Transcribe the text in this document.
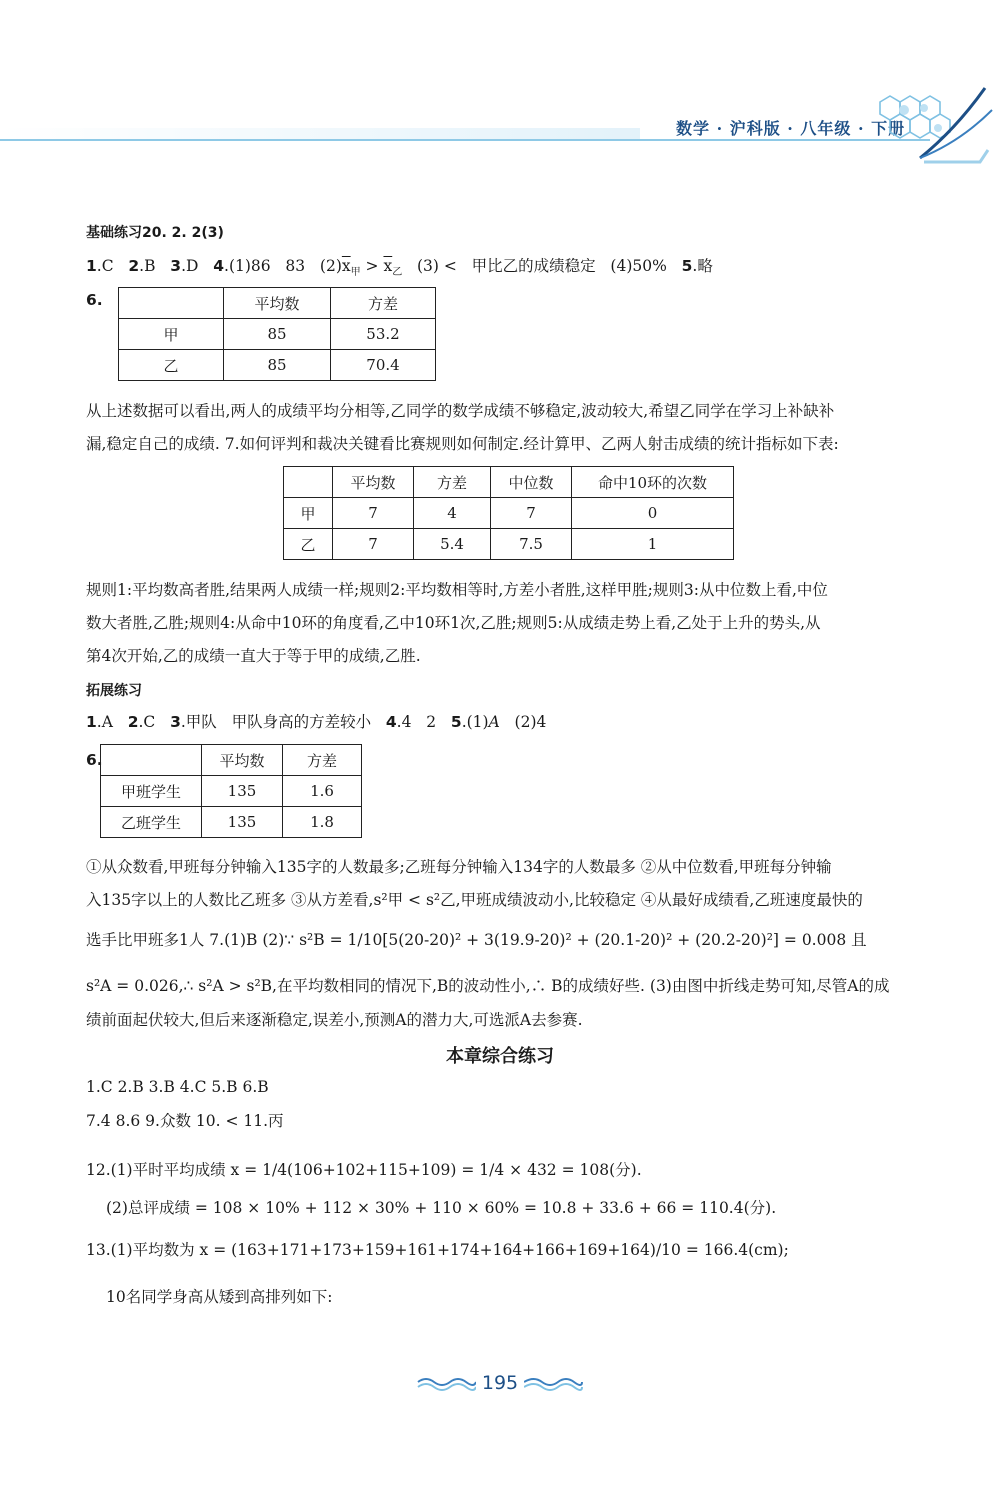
数学 · 沪科版 · 八年级 · 下册
基础练习20. 2. 2(3)
1.C   2.B   3.D   4.(1)86   83   $(2)\overline{x}_甲 > \overline{x}_乙$   (3) <   甲比乙的成绩稳定   (4)50%   5.略
6.
		平均数	方差
甲	85	53.2
乙	85	70.4
从上述数据可以看出,两人的成绩平均分相等,乙同学的数学成绩不够稳定,波动较大,希望乙同学在学习上补缺补
漏,稳定自己的成绩. 7.如何评判和裁决关键看比赛规则如何制定.经计算甲、乙两人射击成绩的统计指标如下表:
	平均数	方差	中位数	命中10环的次数
甲	7	4	7	0
乙	7	5.4	7.5	1
规则1:平均数高者胜,结果两人成绩一样;规则2:平均数相等时,方差小者胜,这样甲胜;规则3:从中位数上看,中位
数大者胜,乙胜;规则4:从命中10环的角度看,乙中10环1次,乙胜;规则5:从成绩走势上看,乙处于上升的势头,从
第4次开始,乙的成绩一直大于等于甲的成绩,乙胜.
拓展练习
1.A   2.C   3.甲队   甲队身高的方差较小   4.4   2   5.(1)A   (2)4
6.
		平均数	方差
甲班学生	135	1.6
乙班学生	135	1.8
①从众数看,甲班每分钟输入135字的人数最多;乙班每分钟输入134字的人数最多 ②从中位数看,甲班每分钟输
入135字以上的人数比乙班多 ③从方差看,s²甲 < s²乙,甲班成绩波动小,比较稳定 ④从最好成绩看,乙班速度最快的
选手比甲班多1人 7.(1)B (2)∵ s²B = 1/10[5(20-20)² + 3(19.9-20)² + (20.1-20)² + (20.2-20)²] = 0.008 且
s²A = 0.026,∴ s²A > s²B,在平均数相同的情况下,B的波动性小,∴ B的成绩好些. (3)由图中折线走势可知,尽管A的成
绩前面起伏较大,但后来逐渐稳定,误差小,预测A的潜力大,可选派A去参赛.
本章综合练习
1.C 2.B 3.B 4.C 5.B 6.B
7.4 8.6 9.众数 10. < 11.丙
12.(1)平时平均成绩 x = 1/4(106+102+115+109) = 1/4 × 432 = 108(分).
(2)总评成绩 = 108 × 10% + 112 × 30% + 110 × 60% = 10.8 + 33.6 + 66 = 110.4(分).
13.(1)平均数为 x = (163+171+173+159+161+174+164+166+169+164)/10 = 166.4(cm);
10名同学身高从矮到高排列如下:
195
